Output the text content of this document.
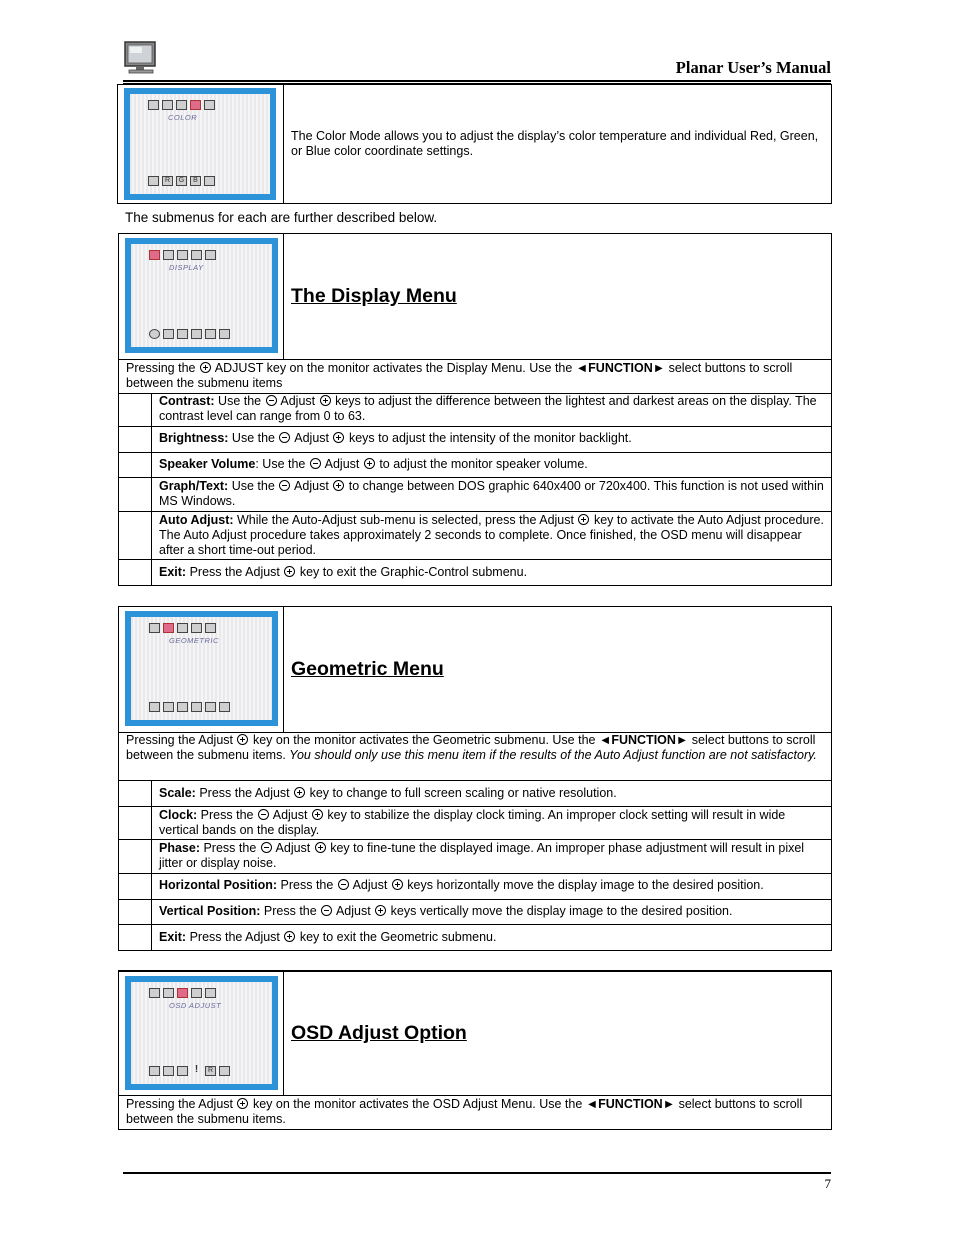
Planar User’s Manual
COLOR
R	G	B
The Color Mode allows you to adjust the display’s color temperature and individual Red, Green, or Blue color coordinate settings.
The submenus for each are further described below.
DISPLAY
The Display Menu
Pressing the  ADJUST key on the monitor activates the Display Menu. Use the ◄FUNCTION► select buttons to scroll between the submenu items
Contrast: Use the  Adjust  keys to adjust the difference between the lightest and darkest areas on the display. The contrast level can range from 0 to 63.
Brightness: Use the  Adjust  keys to adjust the intensity of the monitor backlight.
Speaker Volume: Use the  Adjust  to adjust the monitor speaker volume.
Graph/Text: Use the  Adjust  to change between DOS graphic 640x400 or 720x400. This function is not used within MS Windows.
Auto Adjust: While the Auto-Adjust sub-menu is selected, press the Adjust  key to activate the Auto Adjust procedure. The Auto Adjust procedure takes approximately 2 seconds to complete. Once finished, the OSD menu will disappear after a short time-out period.
Exit: Press the Adjust  key to exit the Graphic-Control submenu.
GEOMETRIC
Geometric Menu
Pressing the Adjust  key on the monitor activates the Geometric submenu. Use the ◄FUNCTION► select buttons to scroll between the submenu items. You should only use this menu item if the results of the Auto Adjust function are not satisfactory.
Scale: Press the Adjust  key to change to full screen scaling or native resolution.
Clock: Press the  Adjust  key to stabilize the display clock timing. An improper clock setting will result in wide vertical bands on the display.
Phase: Press the  Adjust  key to fine-tune the displayed image. An improper phase adjustment will result in pixel jitter or display noise.
Horizontal Position: Press the  Adjust  keys horizontally move the display image to the desired position.
Vertical Position: Press the  Adjust  keys vertically move the display image to the desired position.
Exit: Press the Adjust  key to exit the Geometric submenu.
OSD ADJUST
!	R
OSD Adjust Option
Pressing the Adjust  key on the monitor activates the OSD Adjust Menu. Use the ◄FUNCTION► select buttons to scroll between the submenu items.
7
